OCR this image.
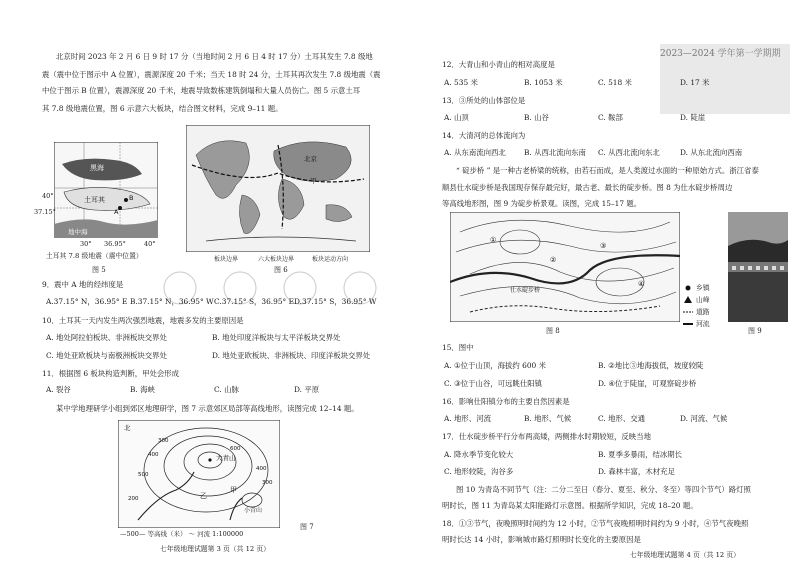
北京时间 2023 年 2 月 6 日 9 时 17 分（当地时间 2 月 6 日 4 时 17 分）土耳其发生 7.8 级地
震（震中位于图示中 A 位置），震源深度 20 千米；当天 18 时 24 分，土耳其再次发生 7.8 级地震（震
中位于图示 B 位置），震源深度 20 千米，地震导致数栋建筑倒塌和大量人员伤亡。图 5 示意土耳
其 7.8 级地震位置，图 6 示意六大板块，结合图文材料，完成 9–11 题。
黑海
土耳其
地中海
A
B
40°
37.15°
30° 36.95°	40°
土耳其 7.8 级地震（震中位置）
图 5
北京
甲
板块边界	六大板块边界	板块运动方向
图 6
9．震中 A 地的经纬度是
A.37.15° N，36.95° E B.37.15° N，36.95° W C.37.15° S，36.95° E D.37.15° S，36.95° W
10．土耳其一天内发生两次强烈地震，地震多发的主要原因是
A. 地处阿拉伯板块、非洲板块交界处	B. 地处印度洋板块与太平洋板块交界处
C. 地处亚欧板块与南极洲板块交界处	D. 地处亚欧板块、非洲板块、印度洋板块交界处
11．根据图 6 板块构造判断，甲处会形成
A. 裂谷	B. 海峡	C. 山脉	D. 平原
某中学地理研学小组到郊区地理研学，图 7 示意郊区局部等高线地形，读图完成 12–14 题。
大青山
小青山
北
乙
甲
500
400
300
200
600
400
300
—500— 等高线（米） ～ 河流 1:100000
图 7
七年级地理试题第 3 页（共 12 页）
2023—2024 学年第一学期期
12．大青山和小青山的相对高度是
A. 535 米	B. 1053 米	C. 518 米	D. 17 米
13．③所处的山体部位是
A. 山顶	B. 山谷	C. 鞍部	D. 陡崖
14．大清河的总体流向为
A. 从东南流向西北 B. 从西北流向东南 C. 从西北流向东北	D. 从东北流向西南
“ 碇步桥 ” 是一种古老桥梁的统称，由若石而成，是人类渡过水面的一种原始方式。浙江省泰
顺县仕水碇步桥是我国现存保存最完好，最古老、最长的碇步桥。图 8 为仕水碇步桥周边
等高线地形图，图 9 为碇步桥景观。读图，完成 15–17 题。
仕水碇步桥
①
②
③
④
图 8
乡镇
山峰
道路
河流
图 9
15．图中
A. ①位于山顶，海拔约 600 米	B. ②地比③地海拔低，坡度较陡
C. ③位于山谷，可远眺仕阳镇	D. ④位于陡崖，可观察碇步桥
16．影响仕阳镇分布的主要自然因素是
A. 地形、河流	B. 地形、气候	C. 地形、交通	D. 河流、气候
17．仕水碇步桥平行分布两高矮，两侧排水时期较短，反映当地
A. 降水季节变化较大	B. 夏季多暴雨，结冰期长
C. 地形较陡，沟谷多	D. 森林丰富，木材充足
图 10 为青岛不同节气（注：二分二至日（春分、夏至、秋分、冬至）等四个节气）路灯照
明时长，图 11 为青岛某太阳能路灯示意图。根据所学知识，完成 18–20 题。
18．①③节气，夜晚照明时间约为 12 小时，②节气夜晚照明时间约为 9 小时，④节气夜晚照
明时长达 14 小时，影响城市路灯照明时长变化的主要原因是
七年级地理试题第 4 页（共 12 页）
